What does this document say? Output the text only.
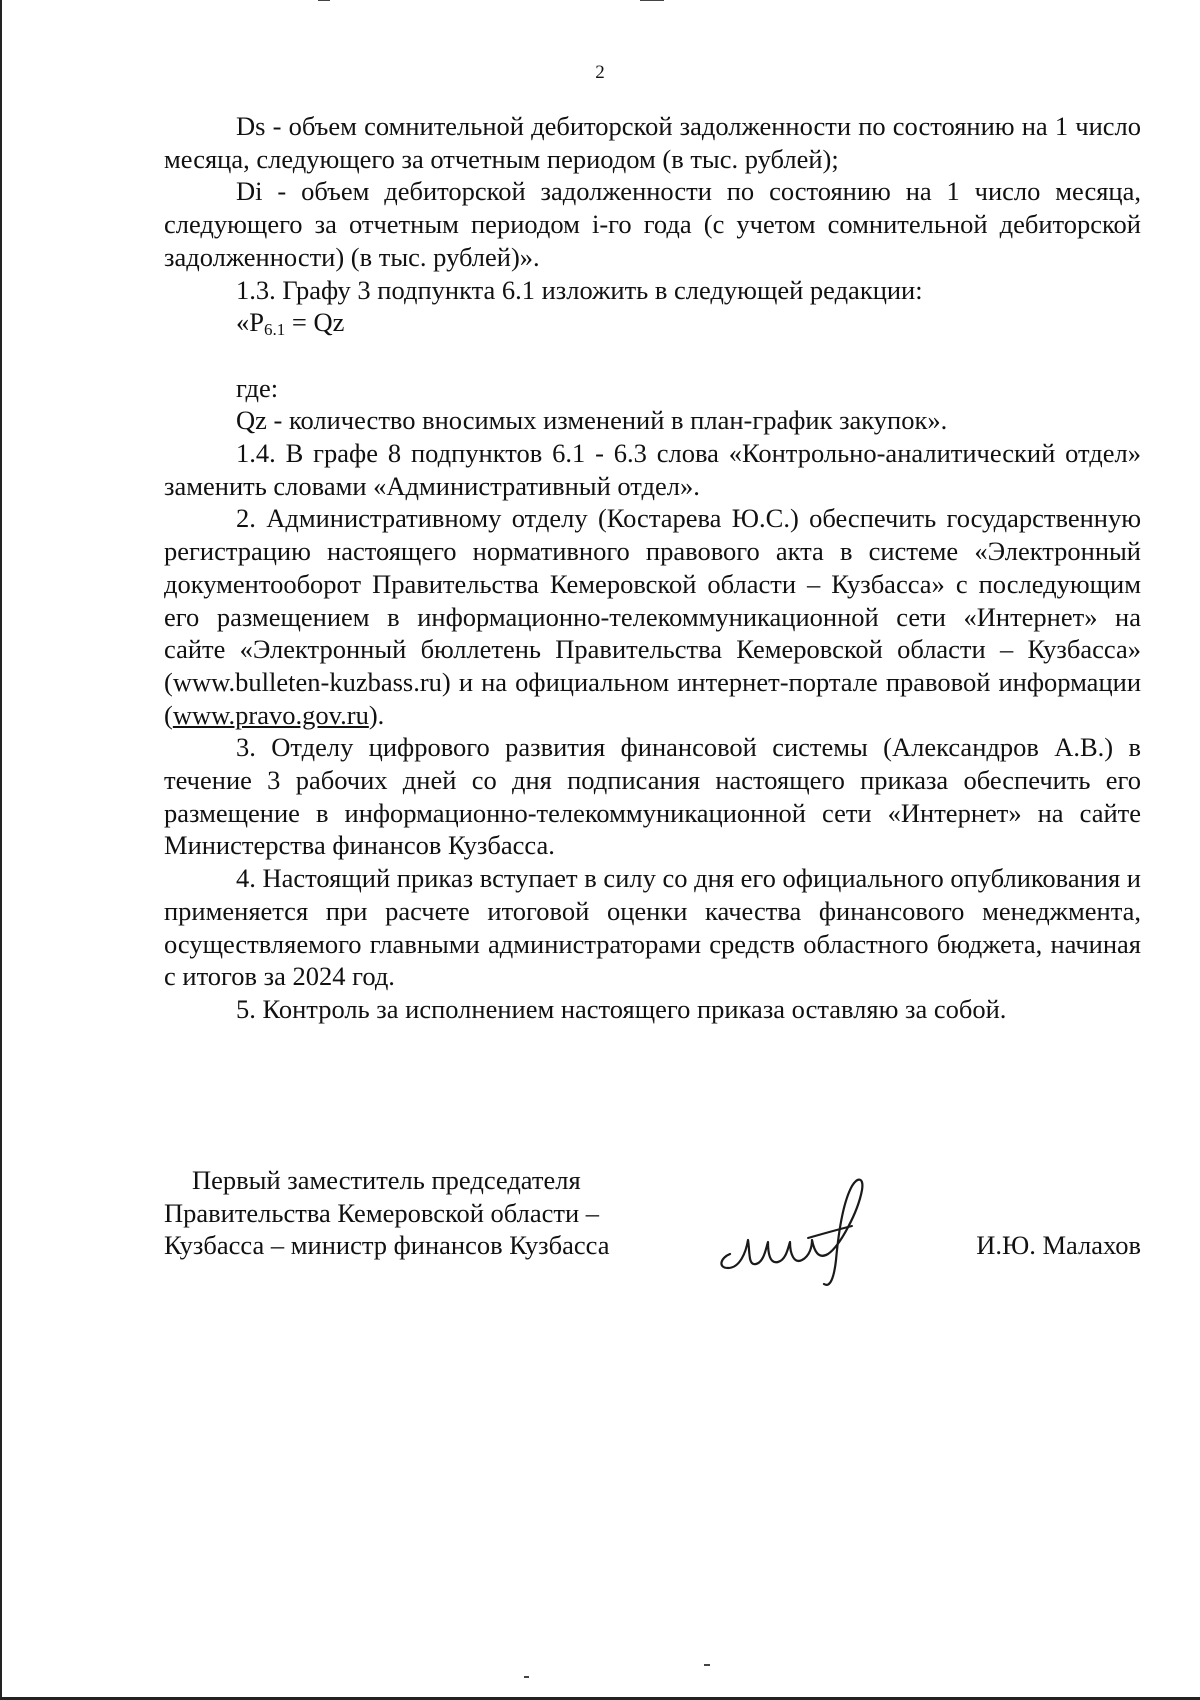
2

Ds - объем сомнительной дебиторской задолженности по состоянию на 1 число месяца, следующего за отчетным периодом (в тыс. рублей);

Di - объем дебиторской задолженности по состоянию на 1 число месяца, следующего за отчетным периодом i-го года (с учетом сомнительной дебиторской задолженности) (в тыс. рублей)».

1.3. Графу 3 подпункта 6.1 изложить в следующей редакции:

«$P_{6.1} = Qz$

где:

Qz - количество вносимых изменений в план-график закупок».

1.4. В графе 8 подпунктов 6.1 - 6.3 слова «Контрольно-аналитический отдел» заменить словами «Административный отдел».

2. Административному отделу (Костарева Ю.С.) обеспечить государственную регистрацию настоящего нормативного правового акта в системе «Электронный документооборот Правительства Кемеровской области – Кузбасса» с последующим его размещением в информационно-телекоммуникационной сети «Интернет» на сайте «Электронный бюллетень Правительства Кемеровской области – Кузбасса» (www.bulleten-kuzbass.ru) и на официальном интернет-портале правовой информации (www.pravo.gov.ru).

3. Отделу цифрового развития финансовой системы (Александров А.В.) в течение 3 рабочих дней со дня подписания настоящего приказа обеспечить его размещение в информационно-телекоммуникационной сети «Интернет» на сайте Министерства финансов Кузбасса.

4. Настоящий приказ вступает в силу со дня его официального опубликования и применяется при расчете итоговой оценки качества финансового менеджмента, осуществляемого главными администраторами средств областного бюджета, начиная с итогов за 2024 год.

5. Контроль за исполнением настоящего приказа оставляю за собой.

Первый заместитель председателя
Правительства Кемеровской области –
Кузбасса – министр финансов Кузбасса	И.Ю. Малахов
